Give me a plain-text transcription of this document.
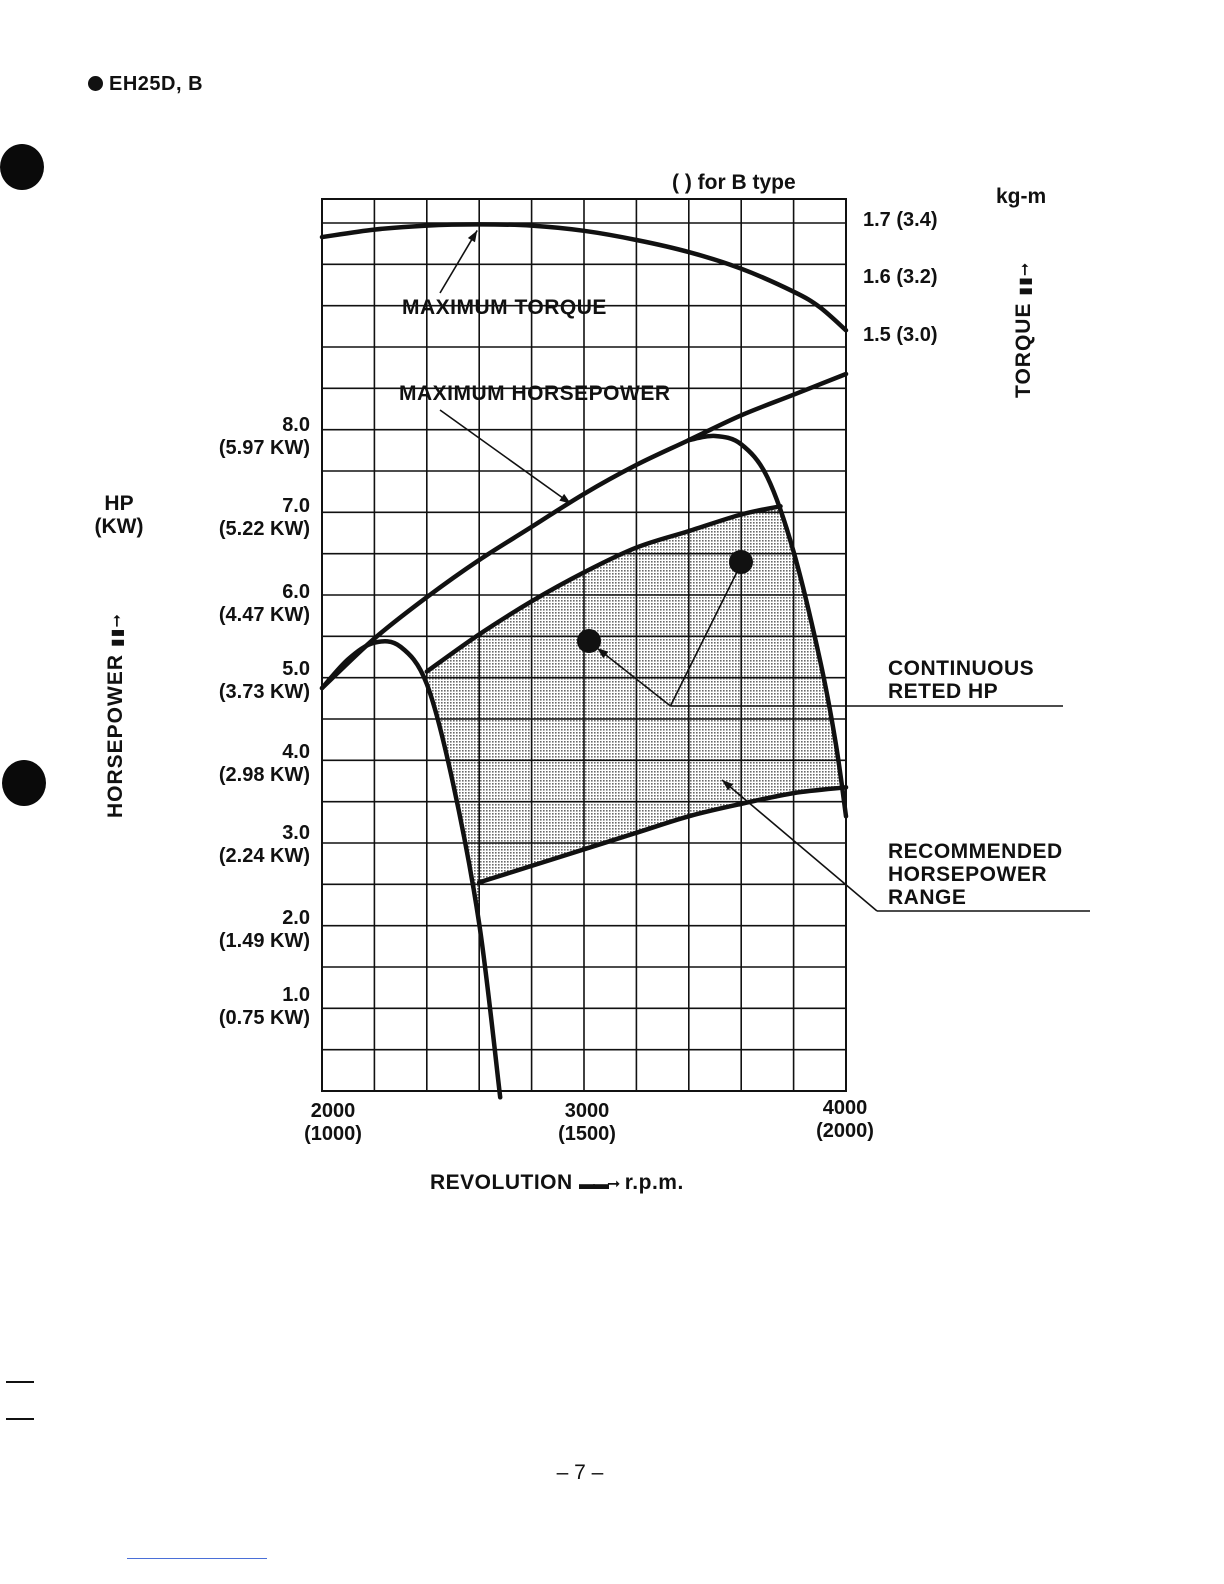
EH25D, B
( ) for B type
8.0
(5.97 KW)
7.0
(5.22 KW)
6.0
(4.47 KW)
5.0
(3.73 KW)
4.0
(2.98 KW)
3.0
(2.24 KW)
2.0
(1.49 KW)
1.0
(0.75 KW)
HP
(KW)
HORSEPOWER ▮▮➞
TORQUE ▮▮➞
kg-m
1.7 (3.4)
1.6 (3.2)
1.5 (3.0)
2000
(1000)
3000
(1500)
4000
(2000)
REVOLUTION ▬▬➞ r.p.m.
MAXIMUM TORQUE
MAXIMUM HORSEPOWER
CONTINUOUS RETED HP
RECOMMENDED HORSEPOWER RANGE
– 7 –
